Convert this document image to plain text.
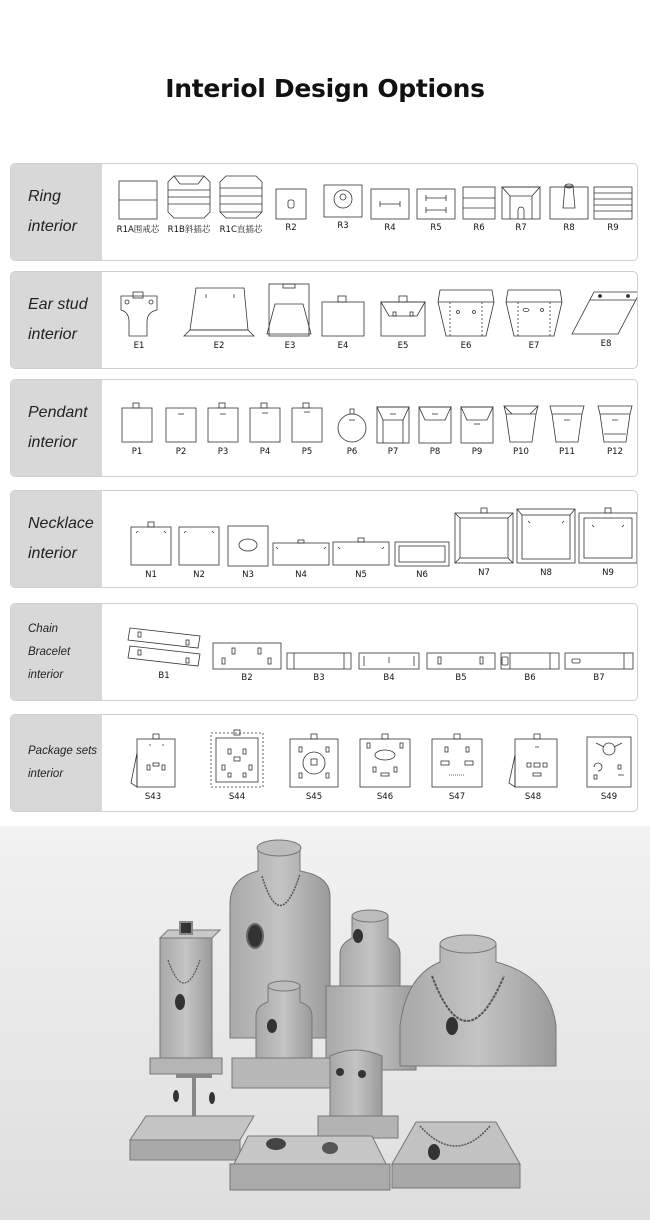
Interiol Design Options
Ring
interior	R1A围戒芯 R1B斜插芯	R1C直插芯	R2	R3	R4	R5	R6	R7	R8	R9
Ear stud
interior
E1	E2	E3	E4	E5	E6	E7	E8
Pendant
interior
P1	P2	P3	P4	P5	P6	P7	P8	P9	P10	P11	P12
Necklace
interior
N1	N2	N3	N4	N5	N6	N7	N8	N9
Chain Bracelet
interior	B1	B2	B3	B4	B5	B6	B7
Package sets
interior
S43	S44	S45	S46	S47	S48	S49
